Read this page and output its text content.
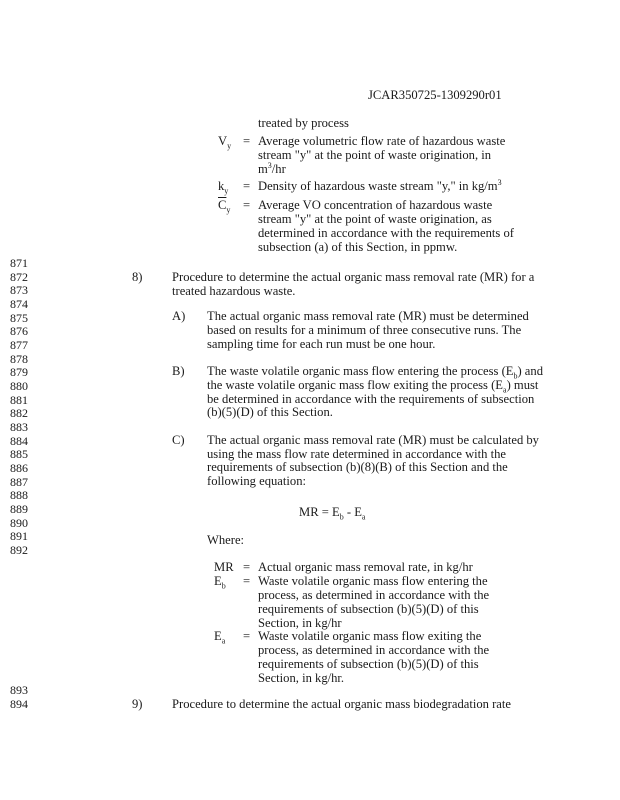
JCAR350725-1309290r01
871
872
873
874
875
876
877
878
879
880
881
882
883
884
885
886
887
888
889
890
891
892
893
894
treated by process
$V_y$ = Average volumetric flow rate of hazardous waste
stream "y" at the point of waste origination, in
$m^3/hr$
$k_y$ = Density of hazardous waste stream "y," in $kg/m^3$
$\overline{C}_y$ = Average VO concentration of hazardous waste
stream "y" at the point of waste origination, as
determined in accordance with the requirements of
subsection (a) of this Section, in ppmw.
8) Procedure to determine the actual organic mass removal rate (MR) for a
treated hazardous waste.
A) The actual organic mass removal rate (MR) must be determined
based on results for a minimum of three consecutive runs. The
sampling time for each run must be one hour.
B) The waste volatile organic mass flow entering the process $(E_b)$ and
the waste volatile organic mass flow exiting the process $(E_a)$ must
be determined in accordance with the requirements of subsection
(b)(5)(D) of this Section.
C) The actual organic mass removal rate (MR) must be calculated by
using the mass flow rate determined in accordance with the
requirements of subsection (b)(8)(B) of this Section and the
following equation:
MR = $E_b - E_a$
Where:
MR = Actual organic mass removal rate, in kg/hr
$E_b$ = Waste volatile organic mass flow entering the
process, as determined in accordance with the
requirements of subsection (b)(5)(D) of this
Section, in kg/hr
$E_a$ = Waste volatile organic mass flow exiting the
process, as determined in accordance with the
requirements of subsection (b)(5)(D) of this
Section, in kg/hr.
9) Procedure to determine the actual organic mass biodegradation rate
